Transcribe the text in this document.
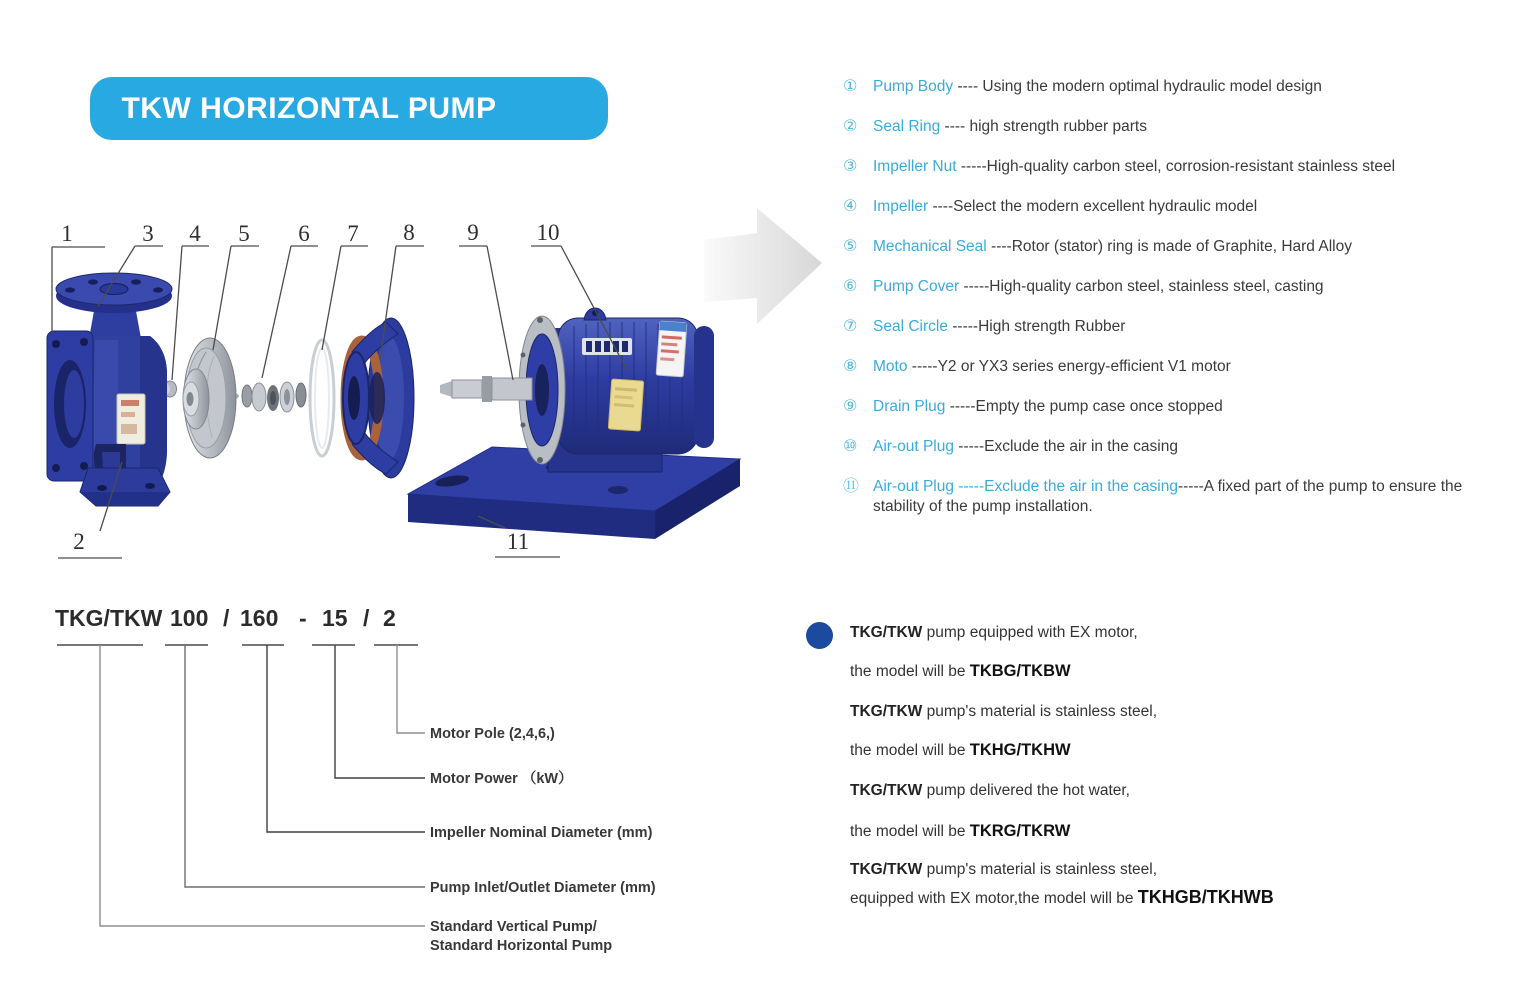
TKW HORIZONTAL PUMP
1
2
3 4 5 6 7 8 9	10
11
① Pump Body ---- Using the modern optimal hydraulic model design
② Seal Ring ---- high strength rubber parts
③ Impeller Nut -----High-quality carbon steel, corrosion-resistant stainless steel
④ Impeller ----Select the modern excellent hydraulic model
⑤ Mechanical Seal ----Rotor (stator) ring is made of Graphite, Hard Alloy
⑥ Pump Cover -----High-quality carbon steel, stainless steel, casting
⑦ Seal Circle -----High strength Rubber
⑧ Moto -----Y2 or YX3 series energy-efficient V1 motor
⑨ Drain Plug -----Empty the pump case once stopped
⑩ Air-out Plug -----Exclude the air in the casing
⑪ Air-out Plug -----Exclude the air in the casing-----A fixed part of the pump to ensure the stability of the pump installation.
TKG/TKW 100 / 160 - 15 / 2
Motor Pole (2,4,6,)
Motor Power （kW）
Impeller Nominal Diameter (mm)
Pump Inlet/Outlet Diameter (mm)
Standard Vertical Pump/
Standard Horizontal Pump
TKG/TKW pump equipped with EX motor,
the model will be TKBG/TKBW
TKG/TKW pump's material is stainless steel,
the model will be TKHG/TKHW
TKG/TKW pump delivered the hot water,
the model will be TKRG/TKRW
TKG/TKW pump's material is stainless steel,
equipped with EX motor,the model will be TKHGB/TKHWB
